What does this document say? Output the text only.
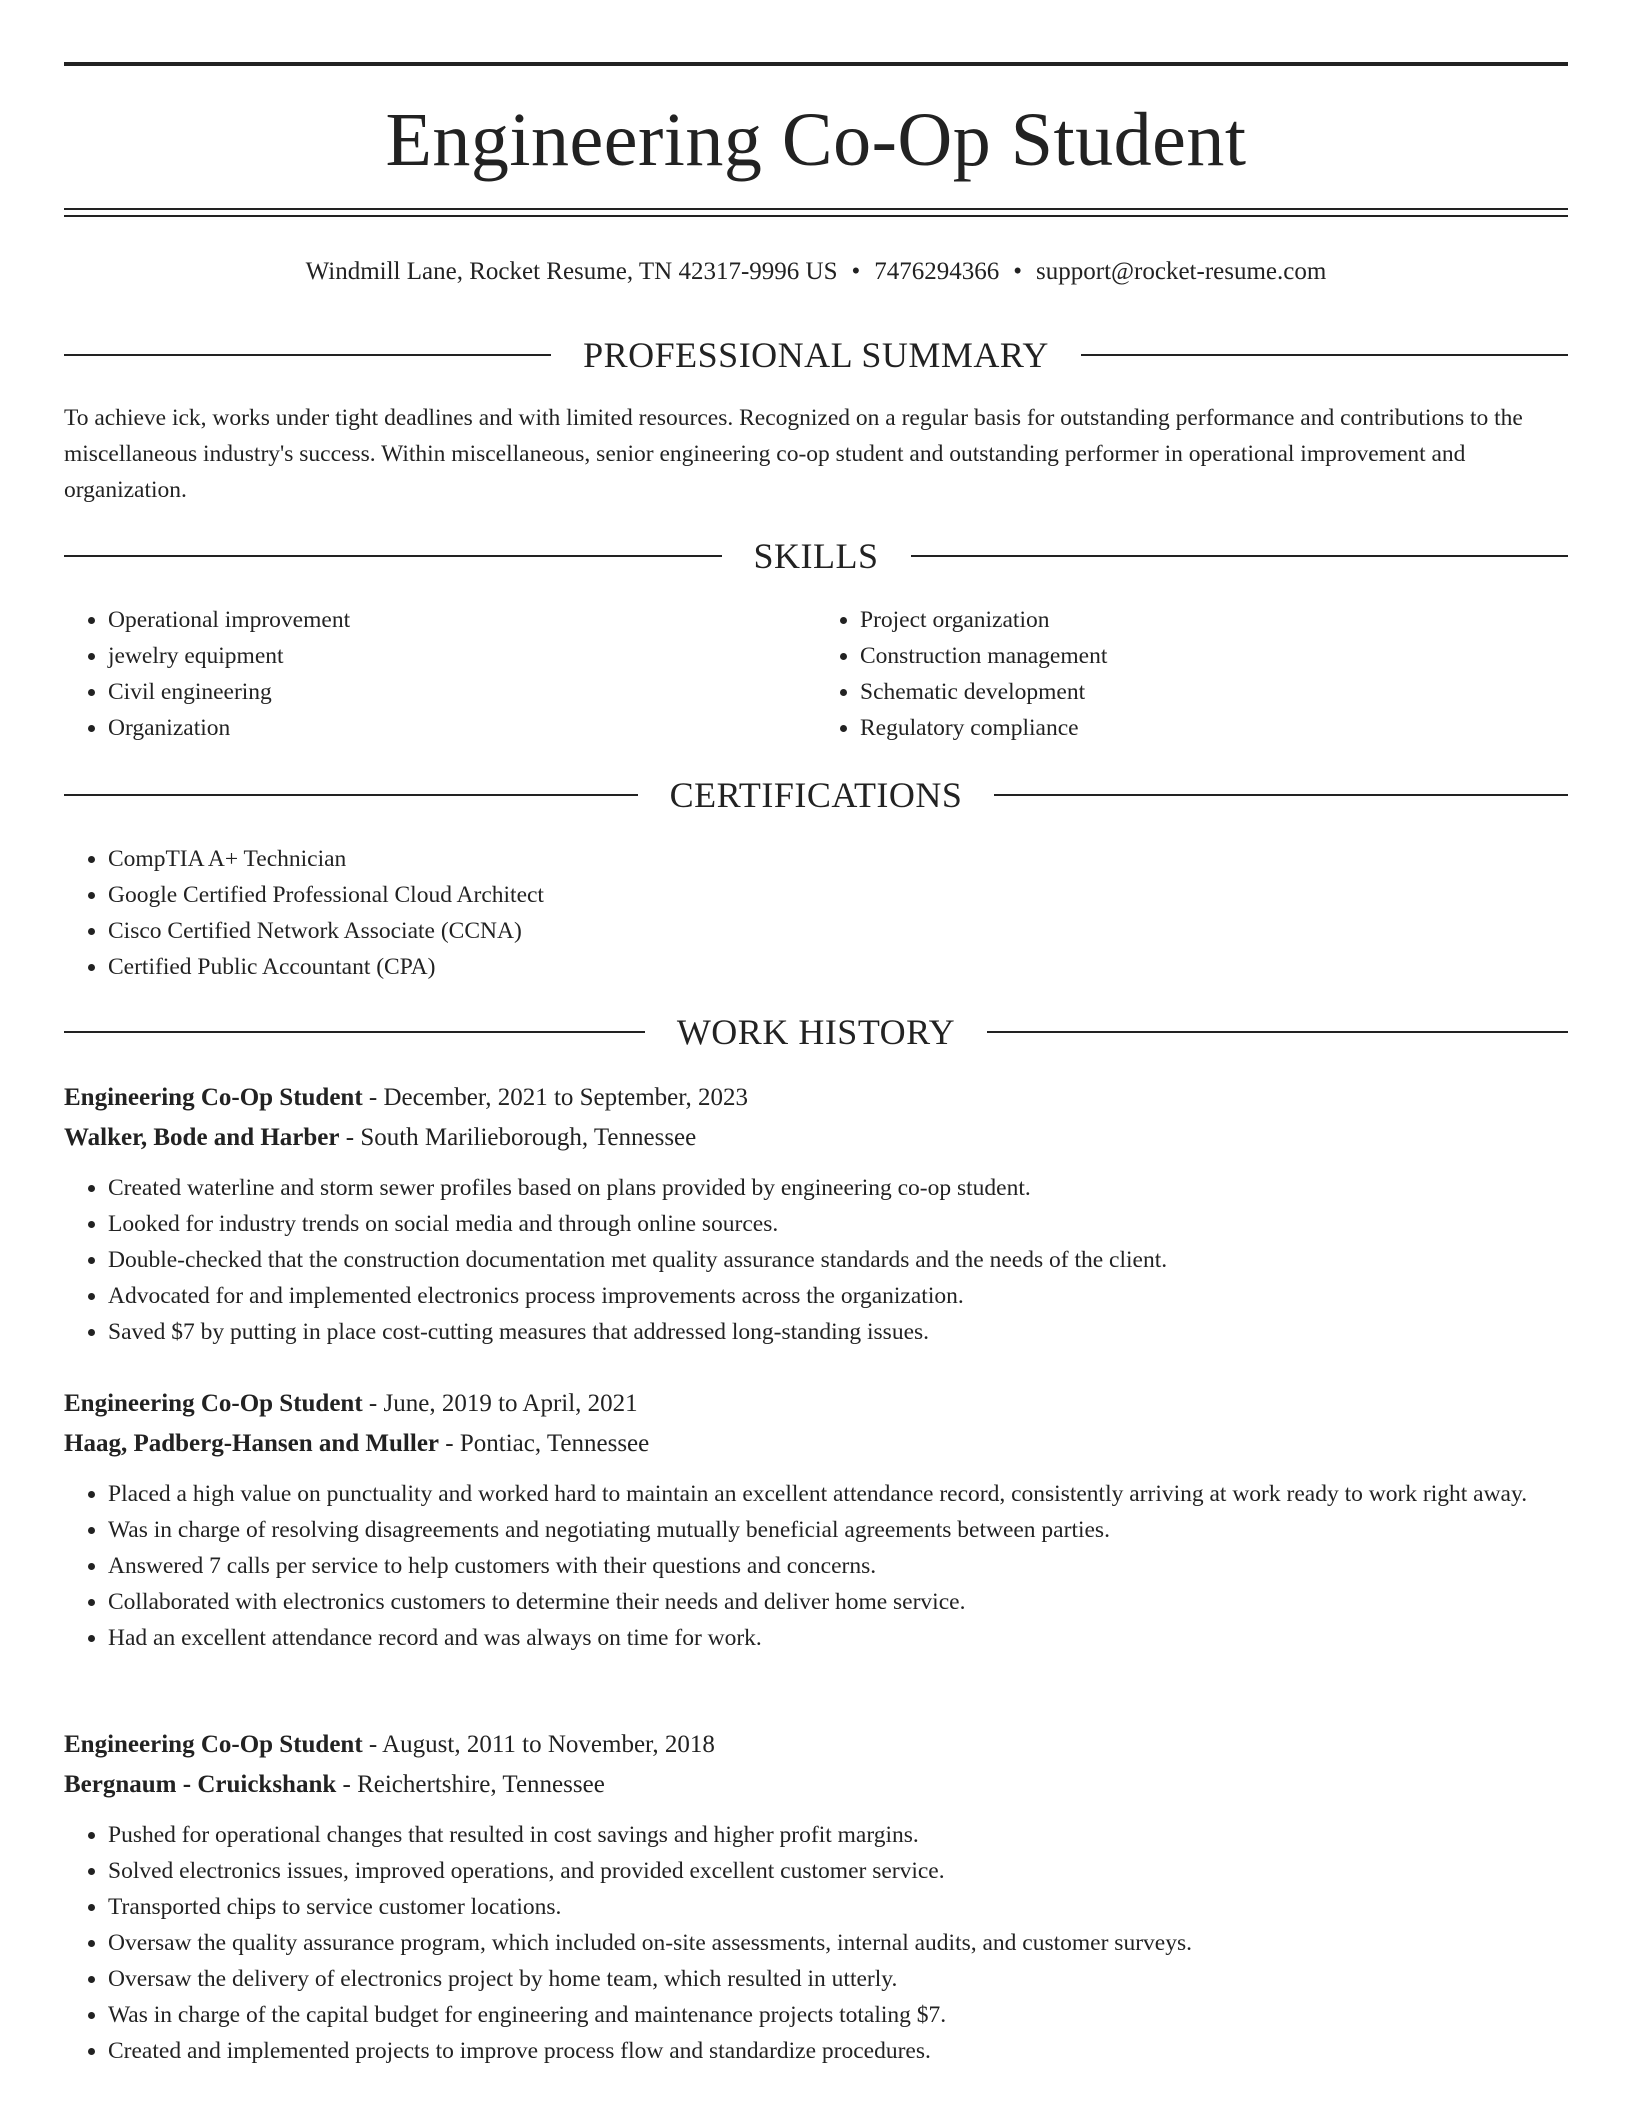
Engineering Co-Op Student
Windmill Lane, Rocket Resume, TN 42317-9996 US • 7476294366 • support@rocket-resume.com
PROFESSIONAL SUMMARY
To achieve ick, works under tight deadlines and with limited resources. Recognized on a regular basis for outstanding performance and contributions to the miscellaneous industry's success. Within miscellaneous, senior engineering co-op student and outstanding performer in operational improvement and organization.
SKILLS
• Operational improvement
• jewelry equipment
• Civil engineering
• Organization
• Project organization
• Construction management
• Schematic development
• Regulatory compliance
CERTIFICATIONS
• CompTIA A+ Technician
• Google Certified Professional Cloud Architect
• Cisco Certified Network Associate (CCNA)
• Certified Public Accountant (CPA)
WORK HISTORY
Engineering Co-Op Student - December, 2021 to September, 2023
Walker, Bode and Harber - South Marilieborough, Tennessee
• Created waterline and storm sewer profiles based on plans provided by engineering co-op student.
• Looked for industry trends on social media and through online sources.
• Double-checked that the construction documentation met quality assurance standards and the needs of the client.
• Advocated for and implemented electronics process improvements across the organization.
• Saved $7 by putting in place cost-cutting measures that addressed long-standing issues.
Engineering Co-Op Student - June, 2019 to April, 2021
Haag, Padberg-Hansen and Muller - Pontiac, Tennessee
• Placed a high value on punctuality and worked hard to maintain an excellent attendance record, consistently arriving at work ready to work right away.
• Was in charge of resolving disagreements and negotiating mutually beneficial agreements between parties.
• Answered 7 calls per service to help customers with their questions and concerns.
• Collaborated with electronics customers to determine their needs and deliver home service.
• Had an excellent attendance record and was always on time for work.
Engineering Co-Op Student - August, 2011 to November, 2018
Bergnaum - Cruickshank - Reichertshire, Tennessee
• Pushed for operational changes that resulted in cost savings and higher profit margins.
• Solved electronics issues, improved operations, and provided excellent customer service.
• Transported chips to service customer locations.
• Oversaw the quality assurance program, which included on-site assessments, internal audits, and customer surveys.
• Oversaw the delivery of electronics project by home team, which resulted in utterly.
• Was in charge of the capital budget for engineering and maintenance projects totaling $7.
• Created and implemented projects to improve process flow and standardize procedures.
